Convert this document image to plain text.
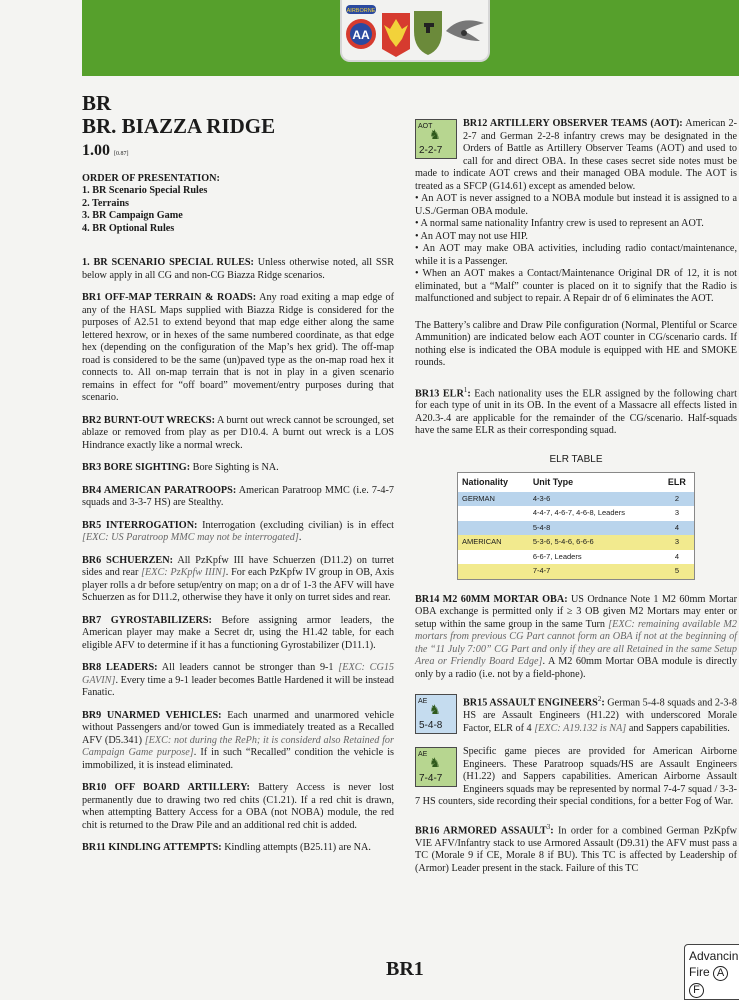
AIRBORNE
AA
BR
BR. BIAZZA RIDGE
1.00 [0.87]
ORDER OF PRESENTATION:
1. BR Scenario Special Rules
2. Terrains
3. BR Campaign Game
4. BR Optional Rules

1. BR SCENARIO SPECIAL RULES: Unless otherwise noted, all SSR below apply in all CG and non-CG Biazza Ridge scenarios.

BR1 OFF-MAP TERRAIN & ROADS: Any road exiting a map edge of any of the HASL Maps supplied with Biazza Ridge is considered for the purposes of A2.51 to extend beyond that map edge either along the same lettered hexrow, or in hexes of the same numbered coordinate, as that edge hex (depending on the configuration of the Map’s hex grid). The off-map road is considered to be the same (un)paved type as the on-map road hex it connects to. All on-map terrain that is not in play in a given scenario remains in effect for “off board” movement/entry purposes during that scenario.

BR2 BURNT-OUT WRECKS: A burnt out wreck cannot be scrounged, set ablaze or removed from play as per D10.4. A burnt out wreck is a LOS Hindrance exactly like a normal wreck.

BR3 BORE SIGHTING: Bore Sighting is NA.

BR4 AMERICAN PARATROOPS: American Paratroop MMC (i.e. 7-4-7 squads and 3-3-7 HS) are Stealthy.

BR5 INTERROGATION: Interrogation (excluding civilian) is in effect [EXC: US Paratroop MMC may not be interrogated].

BR6 SCHUERZEN: All PzKpfw III have Schuerzen (D11.2) on turret sides and rear [EXC: PzKpfw IIIN]. For each PzKpfw IV group in OB, Axis player rolls a dr before setup/entry on map; on a dr of 1-3 the AFV will have Schuerzen as for D11.2, otherwise they have it only on turret sides and rear.

BR7 GYROSTABILIZERS: Before assigning armor leaders, the American player may make a Secret dr, using the H1.42 table, for each eligible AFV to determine if it has a functioning Gyrostabilizer (D11.1).

BR8 LEADERS: All leaders cannot be stronger than 9-1 [EXC: CG15 GAVIN]. Every time a 9-1 leader becomes Battle Hardened it will be instead Fanatic.

BR9 UNARMED VEHICLES: Each unarmed and unarmored vehicle without Passengers and/or towed Gun is immediately treated as a Recalled AFV (D5.341) [EXC: not during the RePh; it is considerd also Retained for Campaign Game purpose]. If in such “Recalled” condition the vehicle is immobilized, it is instead eliminated.

BR10 OFF BOARD ARTILLERY: Battery Access is never lost permanently due to drawing two red chits (C1.21). If a red chit is drawn, when attempting Battery Access for a OBA (not NOBA) module, the red chit is returned to the Draw Pile and an additional red chit is added.

BR11 KINDLING ATTEMPTS: Kindling attempts (B25.11) are NA.

AOT
♞
2-2-7
BR12 ARTILLERY OBSERVER TEAMS (AOT): American 2-2-7 and German 2-2-8 infantry crews may be designated in the Orders of Battle as Artillery Observer Teams (AOT) and used to call for and direct OBA. In these cases secret side notes must be made to indicate AOT crews and their managed OBA module. The AOT is treated as a SFCP (G14.61) except as amended below.
• An AOT is never assigned to a NOBA module but instead it is assigned to a U.S./German OBA module.
• A normal same nationality Infantry crew is used to represent an AOT.
• An AOT may not use HIP.
• An AOT may make OBA activities, including radio contact/maintenance, while it is a Passenger.
• When an AOT makes a Contact/Maintenance Original DR of 12, it is not eliminated, but a “Malf” counter is placed on it to signify that the Radio is malfunctioned and subject to repair. A Repair dr of 6 eliminates the AOT.

The Battery’s calibre and Draw Pile configuration (Normal, Plentiful or Scarce Ammunition) are indicated below each AOT counter in CG/scenario cards. If nothing else is indicated the OBA module is equipped with HE and SMOKE rounds.

BR13 ELR$^1$: Each nationality uses the ELR assigned by the following chart for each type of unit in its OB. In the event of a Massacre all effects listed in A20.3-.4 are applicable for the remainder of the CG/scenario. Half-squads have the same ELR as their corresponding squad.

ELR TABLE
Nationality	Unit Type	ELR
GERMAN	4-3-6	2
	4-4-7, 4-6-7, 4-6-8, Leaders	3
	5-4-8	4
AMERICAN	5-3-6, 5-4-6, 6-6-6	3
	6-6-7, Leaders	4
	7-4-7	5

BR14 M2 60MM MORTAR OBA: US Ordnance Note 1 M2 60mm Mortar OBA exchange is permitted only if ≥ 3 OB given M2 Mortars may enter or setup within the same group in the same Turn [EXC: remaining available M2 mortars from previous CG Part cannot form an OBA if not at the beginning of the “11 July 7:00” CG Part and only if they are all Retained in the same Setup Area or Friendly Board Edge]. A M2 60mm Mortar OBA module is directly only by a radio (i.e. not by a field-phone).

AE
♞
5-4-8
BR15 ASSAULT ENGINEERS$^2$: German 5-4-8 squads and 2-3-8 HS are Assault Engineers (H1.22) with underscored Morale Factor, ELR of 4 [EXC: A19.132 is NA] and Sappers capabilities.
AE
♞
7-4-7
Specific game pieces are provided for American Airborne Engineers. These Paratroop squads/HS are Assault Engineers (H1.22) and Sappers capabilities. American Airborne Assault Engineers squads may be represented by normal 7-4-7 squad / 3-3-7 HS counters, side recording their special conditions, for a better Fog of War.

BR16 ARMORED ASSAULT$^3$: In order for a combined German PzKpfw VIE AFV/Infantry stack to use Armored Assault (D9.31) the AFV must pass a TC (Morale 9 if CE, Morale 8 if BU). This TC is affected by Leadership of (Armor) Leader present in the stack. Failure of this TC

BR1
Advancin
Fire A F
